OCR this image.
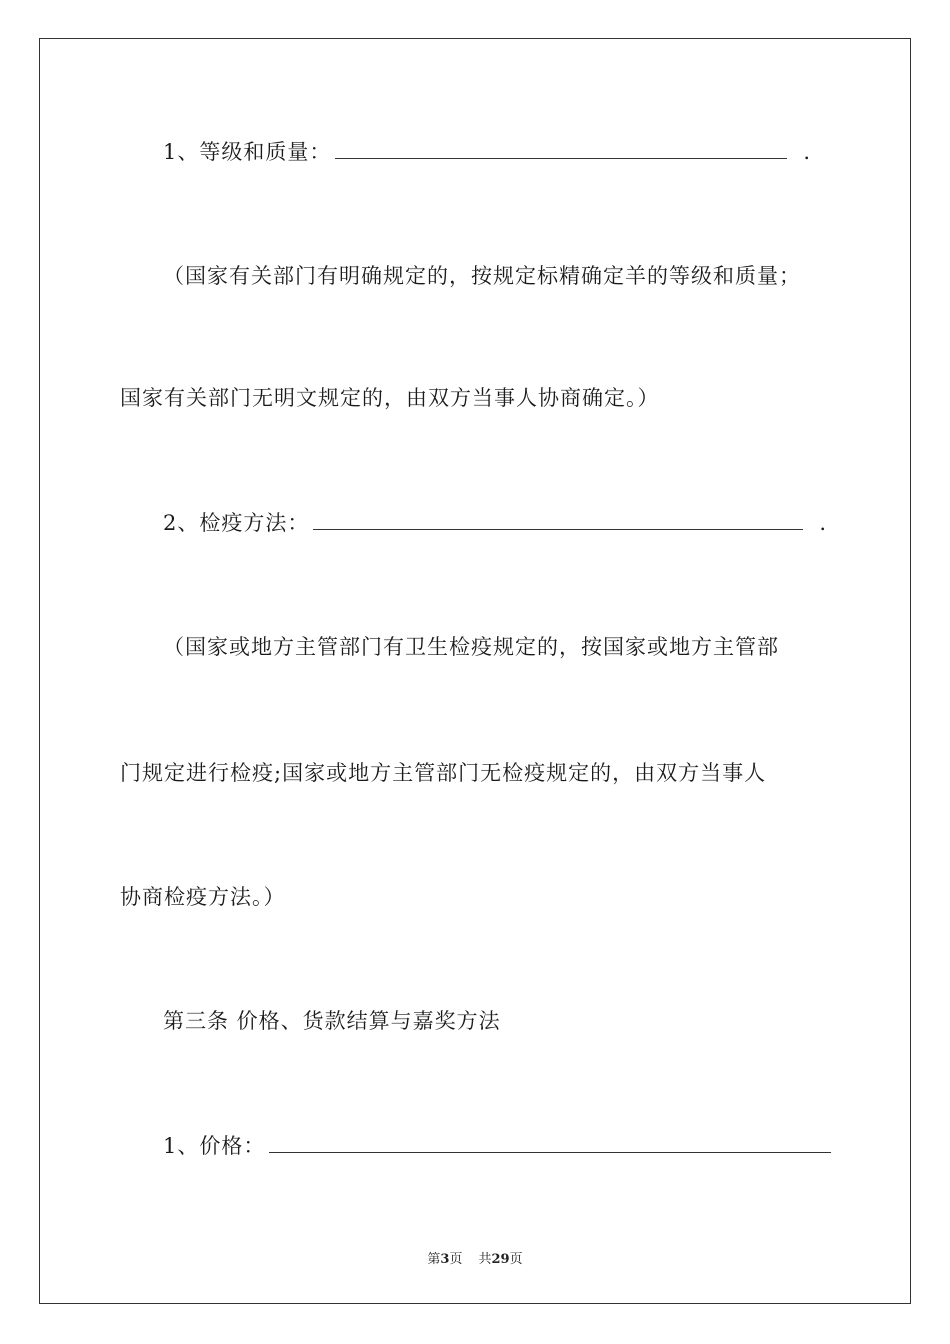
1、等级和质量：	.
（国家有关部门有明确规定的，按规定标精确定羊的等级和质量；
国家有关部门无明文规定的，由双方当事人协商确定。）
2、检疫方法：	.
（国家或地方主管部门有卫生检疫规定的，按国家或地方主管部
门规定进行检疫;国家或地方主管部门无检疫规定的，由双方当事人
协商检疫方法。）
第三条 价格、货款结算与嘉奖方法
1、价格：
第3页 共29页
